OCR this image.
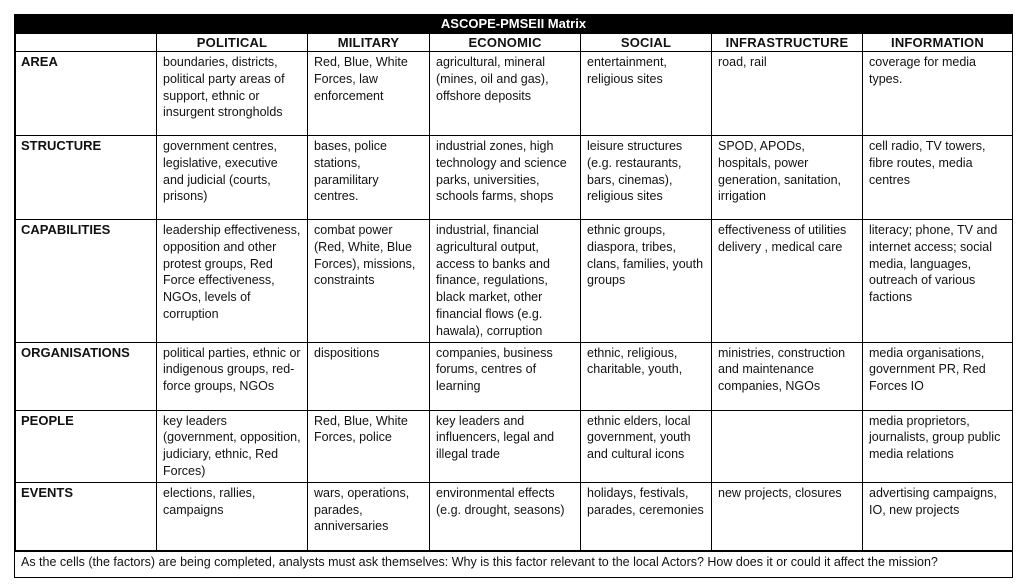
ASCOPE-PMSEII Matrix
	POLITICAL	MILITARY	ECONOMIC	SOCIAL	INFRASTRUCTURE	INFORMATION
AREA	boundaries, districts, political party areas of support, ethnic or insurgent strongholds	Red, Blue, White Forces, law enforcement	agricultural, mineral (mines, oil and gas), offshore deposits	entertainment, religious sites	road, rail	coverage for media types.
STRUCTURE	government centres, legislative, executive and judicial (courts, prisons)	bases, police stations, paramilitary centres.	industrial zones, high technology and science parks, universities, schools farms, shops	leisure structures (e.g. restaurants, bars, cinemas), religious sites	SPOD, APODs, hospitals, power generation, sanitation, irrigation	cell radio, TV towers, fibre routes, media centres
CAPABILITIES	leadership effectiveness, opposition and other protest groups, Red Force effectiveness, NGOs, levels of corruption	combat power (Red, White, Blue Forces), missions, constraints	industrial, financial agricultural output, access to banks and finance, regulations, black market, other financial flows (e.g. hawala), corruption	ethnic groups, diaspora, tribes, clans, families, youth groups	effectiveness of utilities delivery , medical care	literacy; phone, TV and internet access; social media, languages, outreach of various factions
ORGANISATIONS	political parties, ethnic or indigenous groups, red-force groups, NGOs	dispositions	companies, business forums, centres of learning	ethnic, religious, charitable, youth,	ministries, construction and maintenance companies, NGOs	media organisations, government PR, Red Forces IO
PEOPLE	key leaders (government, opposition, judiciary, ethnic, Red Forces)	Red, Blue, White Forces, police	key leaders and influencers, legal and illegal trade	ethnic elders, local government, youth and cultural icons		media proprietors, journalists, group public media relations
EVENTS	elections, rallies, campaigns	wars, operations, parades, anniversaries	environmental effects (e.g. drought, seasons)	holidays, festivals, parades, ceremonies	new projects, closures	advertising campaigns, IO, new projects
As the cells (the factors) are being completed, analysts must ask themselves: Why is this factor relevant to the local Actors? How does it or could it affect the mission?
